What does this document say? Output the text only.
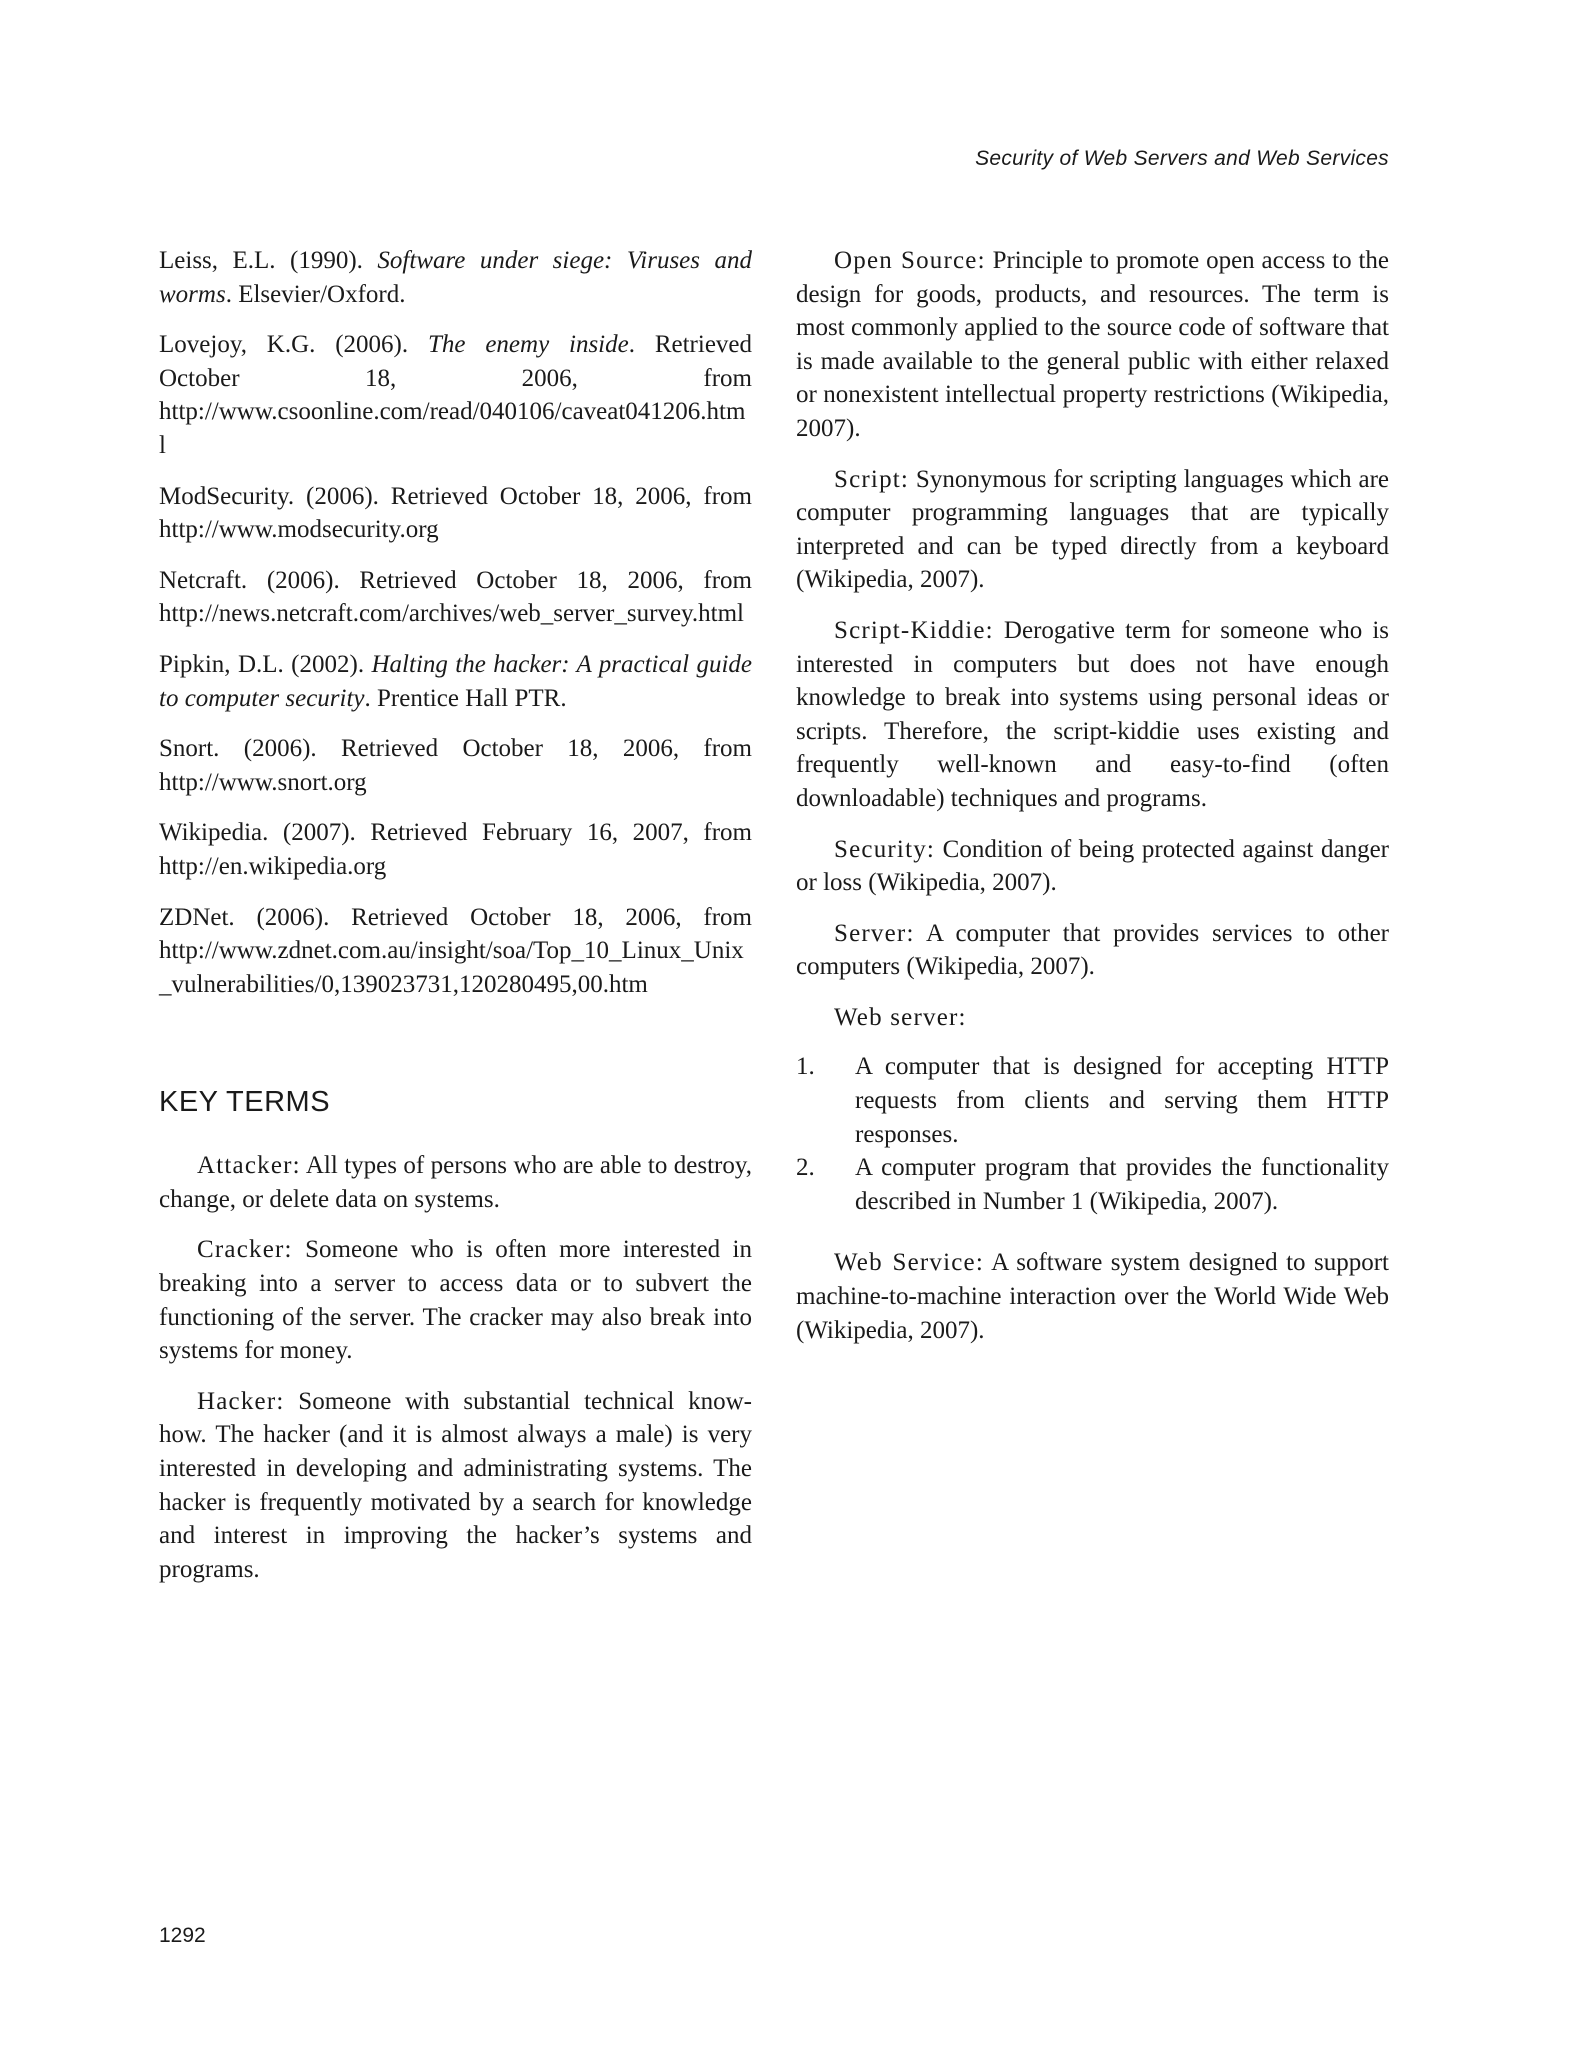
Security of Web Servers and Web Services

Leiss, E.L. (1990). Software under siege: Viruses and worms. Elsevier/Oxford.

Lovejoy, K.G. (2006). The enemy inside. Retrieved October 18, 2006, from http://www.csoonline.com/read/040106/caveat041206.html

ModSecurity. (2006). Retrieved October 18, 2006, from http://www.modsecurity.org

Netcraft. (2006). Retrieved October 18, 2006, from http://news.netcraft.com/archives/web_server_survey.html

Pipkin, D.L. (2002). Halting the hacker: A practical guide to computer security. Prentice Hall PTR.

Snort. (2006). Retrieved October 18, 2006, from http://www.snort.org

Wikipedia. (2007). Retrieved February 16, 2007, from http://en.wikipedia.org

ZDNet. (2006). Retrieved October 18, 2006, from http://www.zdnet.com.au/insight/soa/Top_10_Linux_Unix_vulnerabilities/0,139023731,120280495,00.htm

KEY TERMS

Attacker: All types of persons who are able to destroy, change, or delete data on systems.

Cracker: Someone who is often more interested in breaking into a server to access data or to subvert the functioning of the server. The cracker may also break into systems for money.

Hacker: Someone with substantial technical know-how. The hacker (and it is almost always a male) is very interested in developing and administrating systems. The hacker is frequently motivated by a search for knowledge and interest in improving the hacker’s systems and programs.

Open Source: Principle to promote open access to the design for goods, products, and resources. The term is most commonly applied to the source code of software that is made available to the general public with either relaxed or nonexistent intellectual property restrictions (Wikipedia, 2007).

Script: Synonymous for scripting languages which are computer programming languages that are typically interpreted and can be typed directly from a keyboard (Wikipedia, 2007).

Script-Kiddie: Derogative term for someone who is interested in computers but does not have enough knowledge to break into systems using personal ideas or scripts. Therefore, the script-kiddie uses existing and frequently well-known and easy-to-find (often downloadable) techniques and programs.

Security: Condition of being protected against danger or loss (Wikipedia, 2007).

Server: A computer that provides services to other computers (Wikipedia, 2007).

Web server:

1. A computer that is designed for accepting HTTP requests from clients and serving them HTTP responses.
2. A computer program that provides the functionality described in Number 1 (Wikipedia, 2007).

Web Service: A software system designed to support machine-to-machine interaction over the World Wide Web (Wikipedia, 2007).

1292
